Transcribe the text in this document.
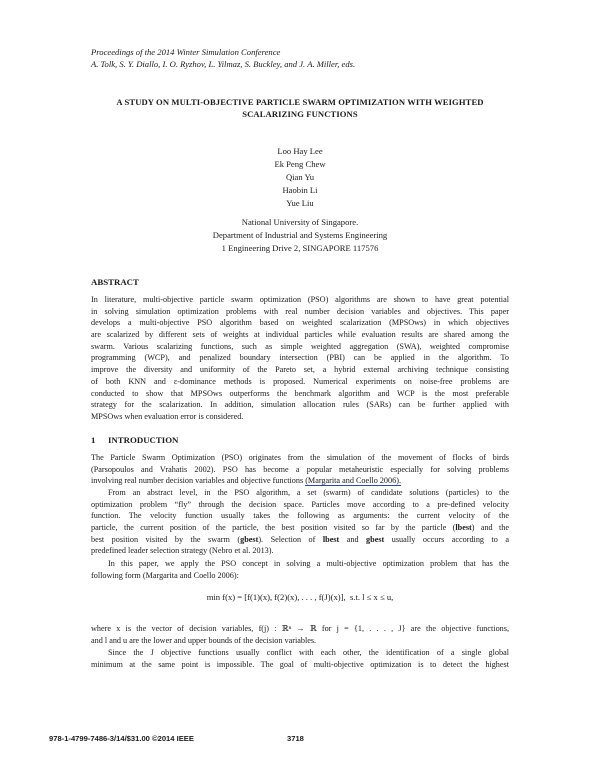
Proceedings of the 2014 Winter Simulation Conference
A. Tolk, S. Y. Diallo, I. O. Ryzhov, L. Yilmaz, S. Buckley, and J. A. Miller, eds.
A STUDY ON MULTI-OBJECTIVE PARTICLE SWARM OPTIMIZATION WITH WEIGHTED
SCALARIZING FUNCTIONS
Loo Hay Lee
Ek Peng Chew
Qian Yu
Haobin Li
Yue Liu
National University of Singapore.
Department of Industrial and Systems Engineering
1 Engineering Drive 2, SINGAPORE 117576
ABSTRACT
In literature, multi-objective particle swarm optimization (PSO) algorithms are shown to have great potential
in solving simulation optimization problems with real number decision variables and objectives. This paper
develops a multi-objective PSO algorithm based on weighted scalarization (MPSOws) in which objectives
are scalarized by different sets of weights at individual particles while evaluation results are shared among the
swarm. Various scalarizing functions, such as simple weighted aggregation (SWA), weighted compromise
programming (WCP), and penalized boundary intersection (PBI) can be applied in the algorithm. To
improve the diversity and uniformity of the Pareto set, a hybrid external archiving technique consisting
of both KNN and ε-dominance methods is proposed. Numerical experiments on noise-free problems are
conducted to show that MPSOws outperforms the benchmark algorithm and WCP is the most preferable
strategy for the scalarization. In addition, simulation allocation rules (SARs) can be further applied with
MPSOws when evaluation error is considered.
1 INTRODUCTION
The Particle Swarm Optimization (PSO) originates from the simulation of the movement of flocks of birds
(Parsopoulos and Vrahatis 2002). PSO has become a popular metaheuristic especially for solving problems
involving real number decision variables and objective functions (Margarita and Coello 2006).
From an abstract level, in the PSO algorithm, a set (swarm) of candidate solutions (particles) to the
optimization problem “fly” through the decision space. Particles move according to a pre-defined velocity
function. The velocity function usually takes the following as arguments: the current velocity of the
particle, the current position of the particle, the best position visited so far by the particle (lbest) and the
best position visited by the swarm (gbest). Selection of lbest and gbest usually occurs according to a
predefined leader selection strategy (Nebro et al. 2013).
In this paper, we apply the PSO concept in solving a multi-objective optimization problem that has the
following form (Margarita and Coello 2006):
min f(x) = [f(1)(x), f(2)(x), . . . , f(J)(x)], s.t. l ≤ x ≤ u,
where x is the vector of decision variables, f(j) : ℝⁿ → ℝ for j = {1, . . . , J} are the objective functions,
and l and u are the lower and upper bounds of the decision variables.
Since the J objective functions usually conflict with each other, the identification of a single global
minimum at the same point is impossible. The goal of multi-objective optimization is to detect the highest
978-1-4799-7486-3/14/$31.00 ©2014 IEEE	3718
